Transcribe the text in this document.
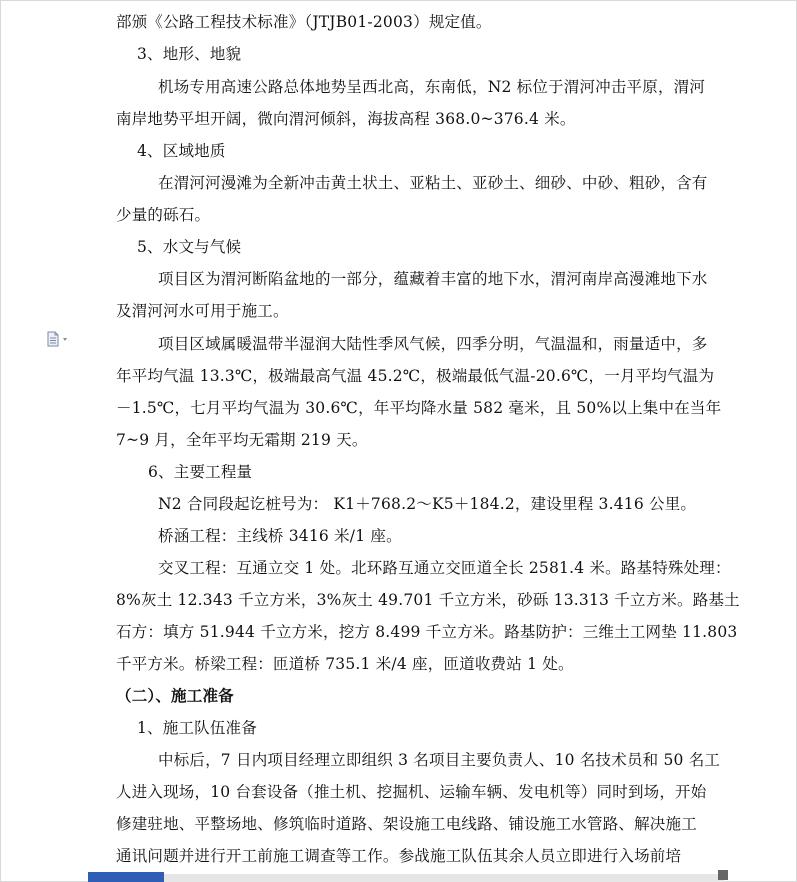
部颁《公路工程技术标准》（JTJB01-2003）规定值。
3、地形、地貌
机场专用高速公路总体地势呈西北高，东南低，N2 标位于渭河冲击平原，渭河
南岸地势平坦开阔，微向渭河倾斜，海拔高程 368.0~376.4 米。
4、区域地质
在渭河河漫滩为全新冲击黄土状土、亚粘土、亚砂土、细砂、中砂、粗砂，含有
少量的砾石。
5、水文与气候
项目区为渭河断陷盆地的一部分，蕴藏着丰富的地下水，渭河南岸高漫滩地下水
及渭河河水可用于施工。
项目区域属暖温带半湿润大陆性季风气候，四季分明，气温温和，雨量适中，多
年平均气温 13.3℃，极端最高气温 45.2℃，极端最低气温-20.6℃，一月平均气温为
－1.5℃，七月平均气温为 30.6℃，年平均降水量 582 毫米，且 50%以上集中在当年
7~9 月，全年平均无霜期 219 天。
6、主要工程量
N2 合同段起讫桩号为： K1＋768.2～K5＋184.2，建设里程 3.416 公里。
桥涵工程：主线桥 3416 米/1 座。
交叉工程：互通立交 1 处。北环路互通立交匝道全长 2581.4 米。路基特殊处理：
8%灰土 12.343 千立方米，3%灰土 49.701 千立方米，砂砾 13.313 千立方米。路基土
石方：填方 51.944 千立方米，挖方 8.499 千立方米。路基防护：三维土工网垫 11.803
千平方米。桥梁工程：匝道桥 735.1 米/4 座，匝道收费站 1 处。
（二）、施工准备
1、施工队伍准备
中标后，7 日内项目经理立即组织 3 名项目主要负责人、10 名技术员和 50 名工
人进入现场，10 台套设备（推土机、挖掘机、运输车辆、发电机等）同时到场，开始
修建驻地、平整场地、修筑临时道路、架设施工电线路、铺设施工水管路、解决施工
通讯问题并进行开工前施工调查等工作。参战施工队伍其余人员立即进行入场前培
